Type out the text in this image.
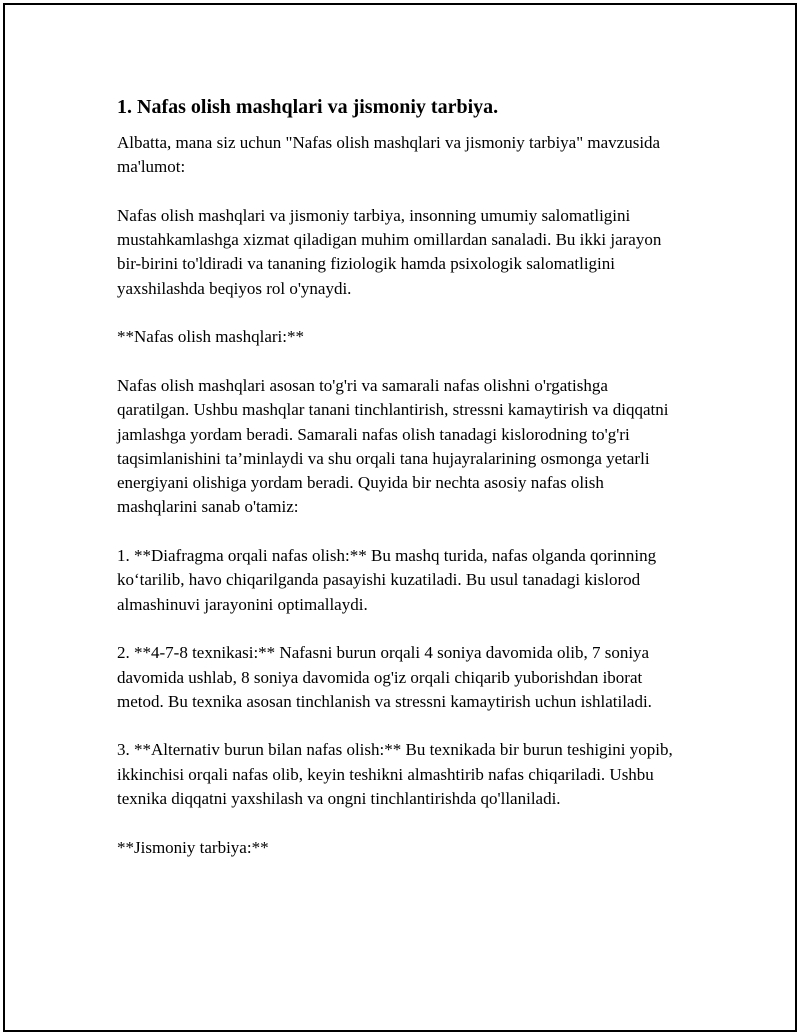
1. Nafas olish mashqlari va jismoniy tarbiya.

Albatta, mana siz uchun "Nafas olish mashqlari va jismoniy tarbiya" mavzusida ma'lumot:

Nafas olish mashqlari va jismoniy tarbiya, insonning umumiy salomatligini mustahkamlashga xizmat qiladigan muhim omillardan sanaladi. Bu ikki jarayon bir-birini to'ldiradi va tananing fiziologik hamda psixologik salomatligini yaxshilashda beqiyos rol o'ynaydi.

**Nafas olish mashqlari:**

Nafas olish mashqlari asosan to'g'ri va samarali nafas olishni o'rgatishga qaratilgan. Ushbu mashqlar tanani tinchlantirish, stressni kamaytirish va diqqatni jamlashga yordam beradi. Samarali nafas olish tanadagi kislorodning to'g'ri taqsimlanishini ta’minlaydi va shu orqali tana hujayralarining osmonga yetarli energiyani olishiga yordam beradi. Quyida bir nechta asosiy nafas olish mashqlarini sanab o'tamiz:

1. **Diafragma orqali nafas olish:** Bu mashq turida, nafas olganda qorinning ko‘tarilib, havo chiqarilganda pasayishi kuzatiladi. Bu usul tanadagi kislorod almashinuvi jarayonini optimallaydi.

2. **4-7-8 texnikasi:** Nafasni burun orqali 4 soniya davomida olib, 7 soniya davomida ushlab, 8 soniya davomida og'iz orqali chiqarib yuborishdan iborat metod. Bu texnika asosan tinchlanish va stressni kamaytirish uchun ishlatiladi.

3. **Alternativ burun bilan nafas olish:** Bu texnikada bir burun teshigini yopib, ikkinchisi orqali nafas olib, keyin teshikni almashtirib nafas chiqariladi. Ushbu texnika diqqatni yaxshilash va ongni tinchlantirishda qo'llaniladi.

**Jismoniy tarbiya:**
